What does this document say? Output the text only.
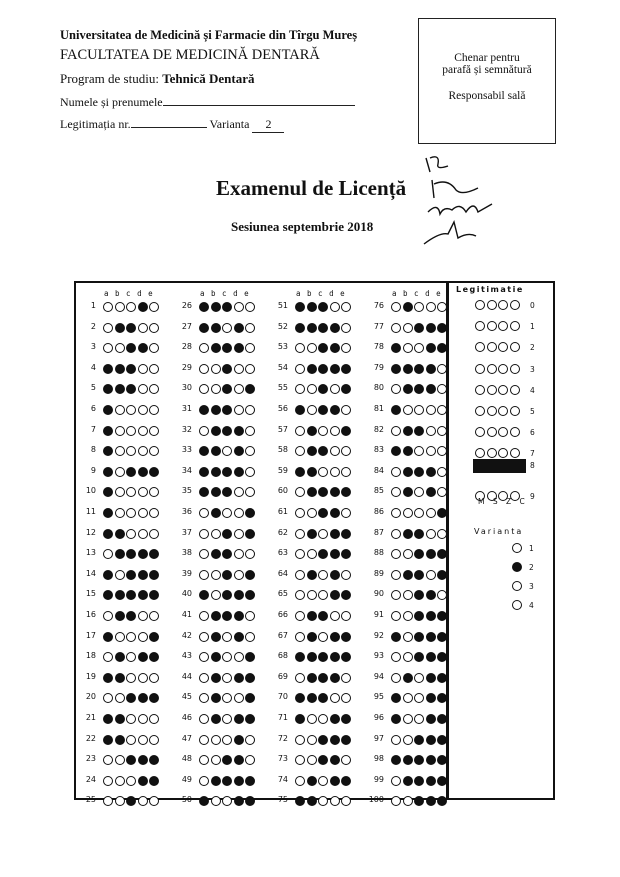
Universitatea de Medicină și Farmacie din Tîrgu Mureș
FACULTATEA DE MEDICINĂ DENTARĂ
Program de studiu: Tehnică Dentară
Numele și prenumele
Legitimația nr.	Varianta 2
Chenar pentru
parafă și semnătură
Responsabil sală
Examenul de Licență
Sesiunea septembrie 2018
a b c d e
1
2
3
4
5
6
7
8
9
10
11
12
13
14
15
16
17
18
19
20
21
22
23
24
25
a b c d e
26
27
28
29
30
31
32
33
34
35
36
37
38
39
40
41
42
43
44
45
46
47
48
49
50
a b c d e
51
52
53
54
55
56
57
58
59
60
61
62
63
64
65
66
67
68
69
70
71
72
73
74
75
a b c d e
76
77
78
79
80
81
82
83
84
85
86
87
88
89
90
91
92
93
94
95
96
97
98
99
100
Legitimatie
0
1
2
3
4
5
6
7
8
9
M S Z C
Varianta
1
2
3
4
